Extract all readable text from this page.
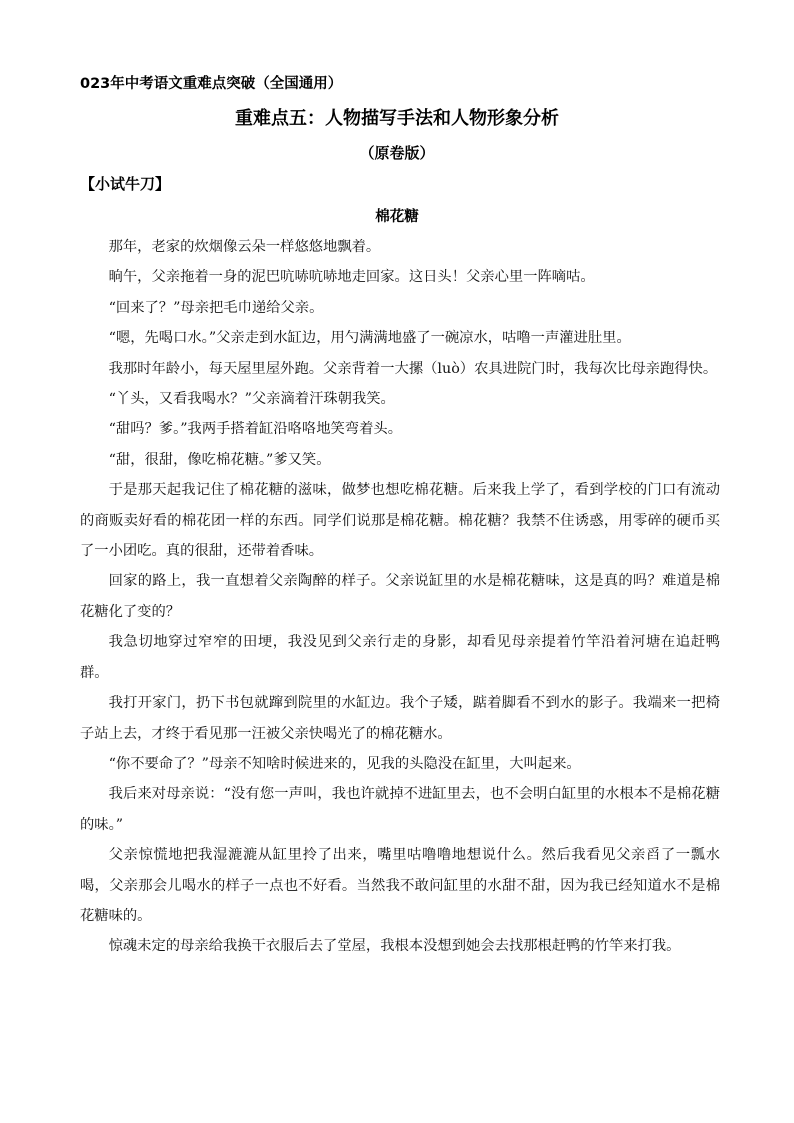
023年中考语文重难点突破（全国通用）
重难点五：人物描写手法和人物形象分析
（原卷版）
【小试牛刀】
棉花糖

那年，老家的炊烟像云朵一样悠悠地飘着。

晌午，父亲拖着一身的泥巴吭哧吭哧地走回家。这日头！父亲心里一阵嘀咕。

“回来了？”母亲把毛巾递给父亲。

“嗯，先喝口水。”父亲走到水缸边，用勺满满地盛了一碗凉水，咕噜一声灌进肚里。

我那时年龄小，每天屋里屋外跑。父亲背着一大摞（luò）农具进院门时，我每次比母亲跑得快。

“丫头，又看我喝水？”父亲滴着汗珠朝我笑。

“甜吗？爹。”我两手搭着缸沿咯咯地笑弯着头。

“甜，很甜，像吃棉花糖。”爹又笑。

于是那天起我记住了棉花糖的滋味，做梦也想吃棉花糖。后来我上学了，看到学校的门口有流动的商贩卖好看的棉花团一样的东西。同学们说那是棉花糖。棉花糖？我禁不住诱惑，用零碎的硬币买了一小团吃。真的很甜，还带着香味。

回家的路上，我一直想着父亲陶醉的样子。父亲说缸里的水是棉花糖味，这是真的吗？难道是棉花糖化了变的？

我急切地穿过窄窄的田埂，我没见到父亲行走的身影，却看见母亲提着竹竿沿着河塘在追赶鸭群。

我打开家门，扔下书包就蹿到院里的水缸边。我个子矮，踮着脚看不到水的影子。我端来一把椅子站上去，才终于看见那一汪被父亲快喝光了的棉花糖水。

“你不要命了？”母亲不知啥时候进来的，见我的头隐没在缸里，大叫起来。

我后来对母亲说：“没有您一声叫，我也许就掉不进缸里去，也不会明白缸里的水根本不是棉花糖的味。”

父亲惊慌地把我湿漉漉从缸里拎了出来，嘴里咕噜噜地想说什么。然后我看见父亲舀了一瓢水喝，父亲那会儿喝水的样子一点也不好看。当然我不敢问缸里的水甜不甜，因为我已经知道水不是棉花糖味的。

惊魂未定的母亲给我换干衣服后去了堂屋，我根本没想到她会去找那根赶鸭的竹竿来打我。
